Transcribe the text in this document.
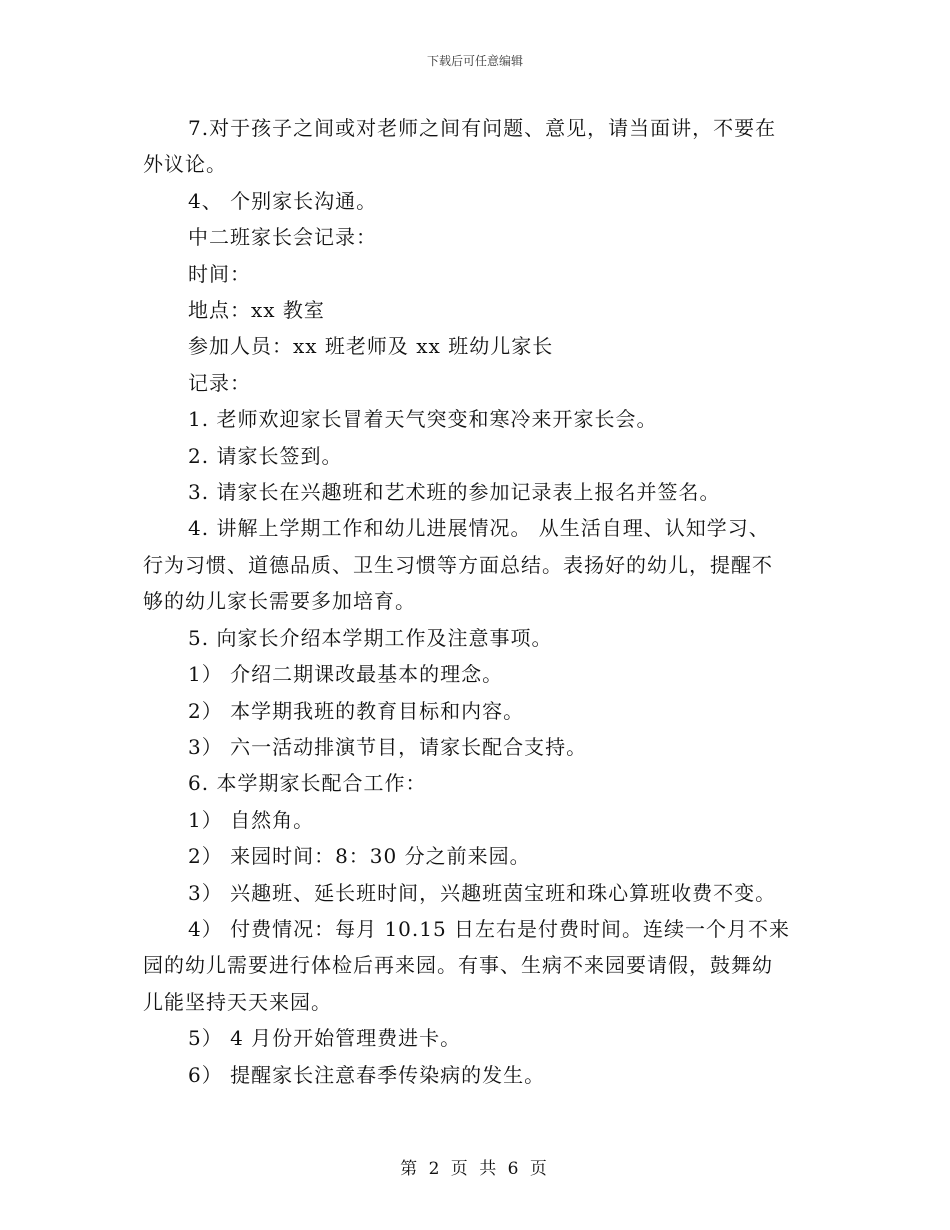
下载后可任意编辑
7.对于孩子之间或对老师之间有问题、意见，请当面讲，不要在
外议论。
4、 个别家长沟通。
中二班家长会记录：
时间：
地点：xx 教室
参加人员：xx 班老师及 xx 班幼儿家长
记录：
1. 老师欢迎家长冒着天气突变和寒冷来开家长会。
2. 请家长签到。
3. 请家长在兴趣班和艺术班的参加记录表上报名并签名。
4. 讲解上学期工作和幼儿进展情况。 从生活自理、认知学习、
行为习惯、道德品质、卫生习惯等方面总结。表扬好的幼儿，提醒不
够的幼儿家长需要多加培育。
5. 向家长介绍本学期工作及注意事项。
1） 介绍二期课改最基本的理念。
2） 本学期我班的教育目标和内容。
3） 六一活动排演节目，请家长配合支持。
6. 本学期家长配合工作：
1） 自然角。
2） 来园时间：8：30 分之前来园。
3） 兴趣班、延长班时间，兴趣班茵宝班和珠心算班收费不变。
4） 付费情况：每月 10.15 日左右是付费时间。连续一个月不来
园的幼儿需要进行体检后再来园。有事、生病不来园要请假，鼓舞幼
儿能坚持天天来园。
5） 4 月份开始管理费进卡。
6） 提醒家长注意春季传染病的发生。
第 2 页 共 6 页
